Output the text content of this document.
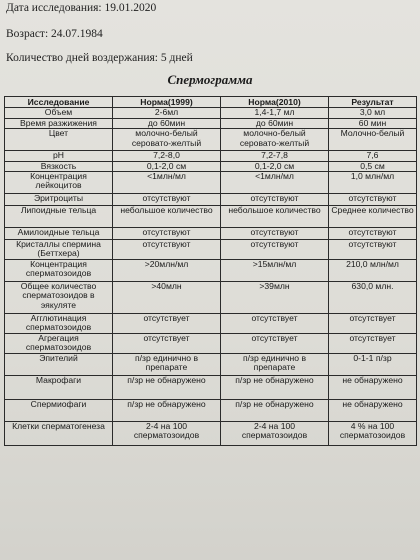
Дата исследования: 19.01.2020
Возраст: 24.07.1984
Количество дней воздержания: 5 дней
Спермограмма
Исследование	Норма(1999)	Норма(2010)	Результат
Объем	2-6мл	1,4-1,7 мл	3,0 мл
Время разжижения	до 60мин	до 60мин	60 мин
Цвет	молочно-белый серовато-желтый	молочно-белый серовато-желтый	Молочно-белый
pH	7,2-8,0	7,2-7,8	7,6
Вязкость	0,1-2,0 см	0,1-2,0 см	0,5 см
Концентрация лейкоцитов	<1млн/мл	<1млн/мл	1,0 млн/мл
Эритроциты	отсутствуют	отсутствуют	отсутствуют
Липоидные тельца	небольшое количество	небольшое количество	Среднее количество
Амилоидные тельца	отсутствуют	отсутствуют	отсутствуют
Кристаллы спермина (Беттхера)	отсутствуют	отсутствуют	отсутствуют
Концентрация сперматозоидов	>20млн/мл	>15млн/мл	210,0 млн/мл
Общее количество сперматозоидов в эякуляте	>40млн	>39млн	630,0 млн.
Агглютинация сперматозоидов	отсутствует	отсутствует	отсутствует
Агрегация сперматозоидов	отсутствует	отсутствует	отсутствует
Эпителий	п/зр единично в препарате	п/зр единично в препарате	0-1-1 п/зр
Макрофаги	п/зр не обнаружено	п/зр не обнаружено	не обнаружено
Спермиофаги	п/зр не обнаружено	п/зр не обнаружено	не обнаружено
Клетки сперматогенеза	2-4 на 100 сперматозоидов	2-4 на 100 сперматозоидов	4 % на 100 сперматозоидов
